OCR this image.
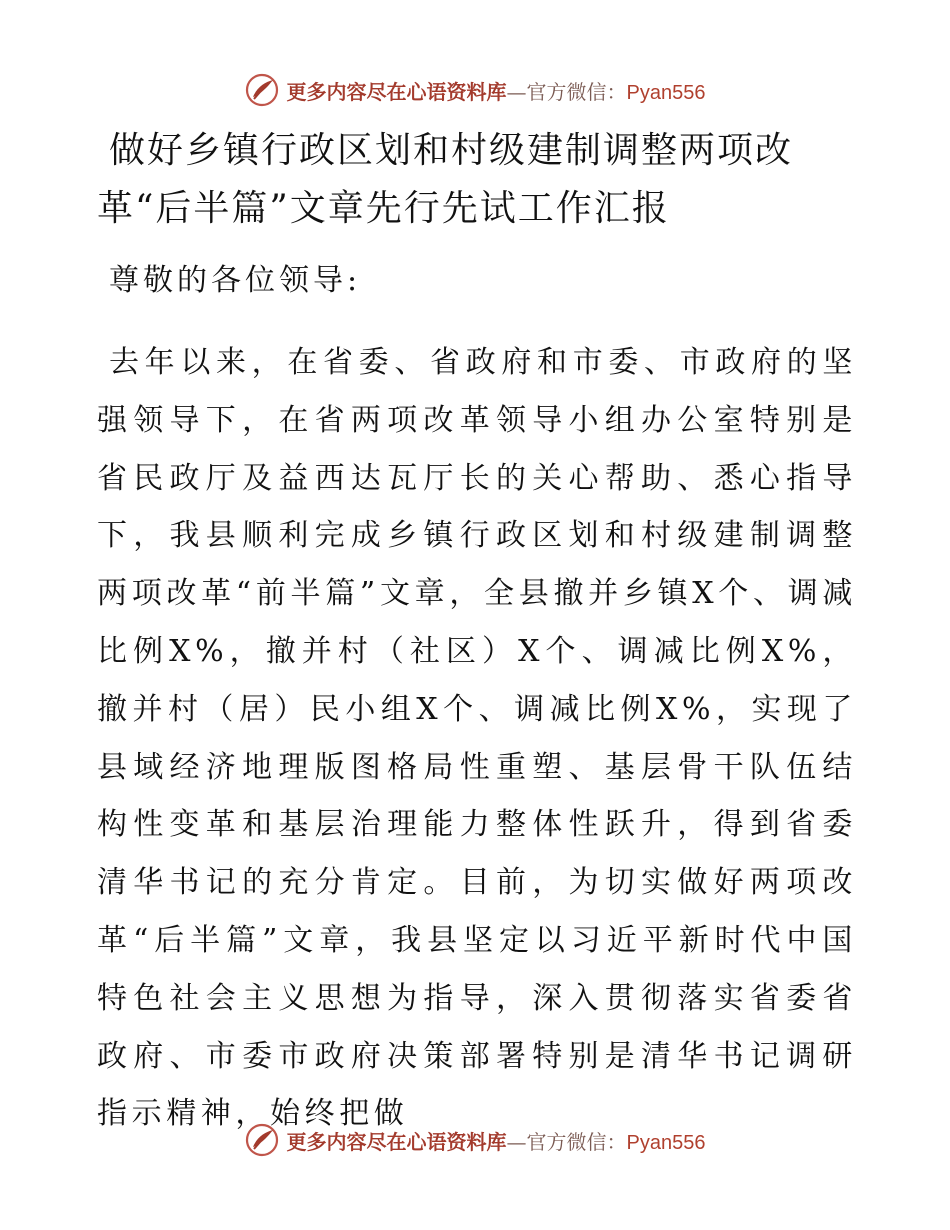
更多内容尽在心语资料库—官方微信：Pyan556
做好乡镇行政区划和村级建制调整两项改革“后半篇”文章先行先试工作汇报

尊敬的各位领导:

去年以来，在省委、省政府和市委、市政府的坚强领导下，在省两项改革领导小组办公室特别是省民政厅及益西达瓦厅长的关心帮助、悉心指导下，我县顺利完成乡镇行政区划和村级建制调整两项改革“前半篇”文章，全县撤并乡镇X个、调减比例X%，撤并村（社区）X个、调减比例X%，撤并村（居）民小组X个、调减比例X%，实现了县域经济地理版图格局性重塑、基层骨干队伍结构性变革和基层治理能力整体性跃升，得到省委清华书记的充分肯定。目前，为切实做好两项改革“后半篇”文章，我县坚定以习近平新时代中国特色社会主义思想为指导，深入贯彻落实省委省政府、市委市政府决策部署特别是清华书记调研指示精神，始终把做

更多内容尽在心语资料库—官方微信：Pyan556
